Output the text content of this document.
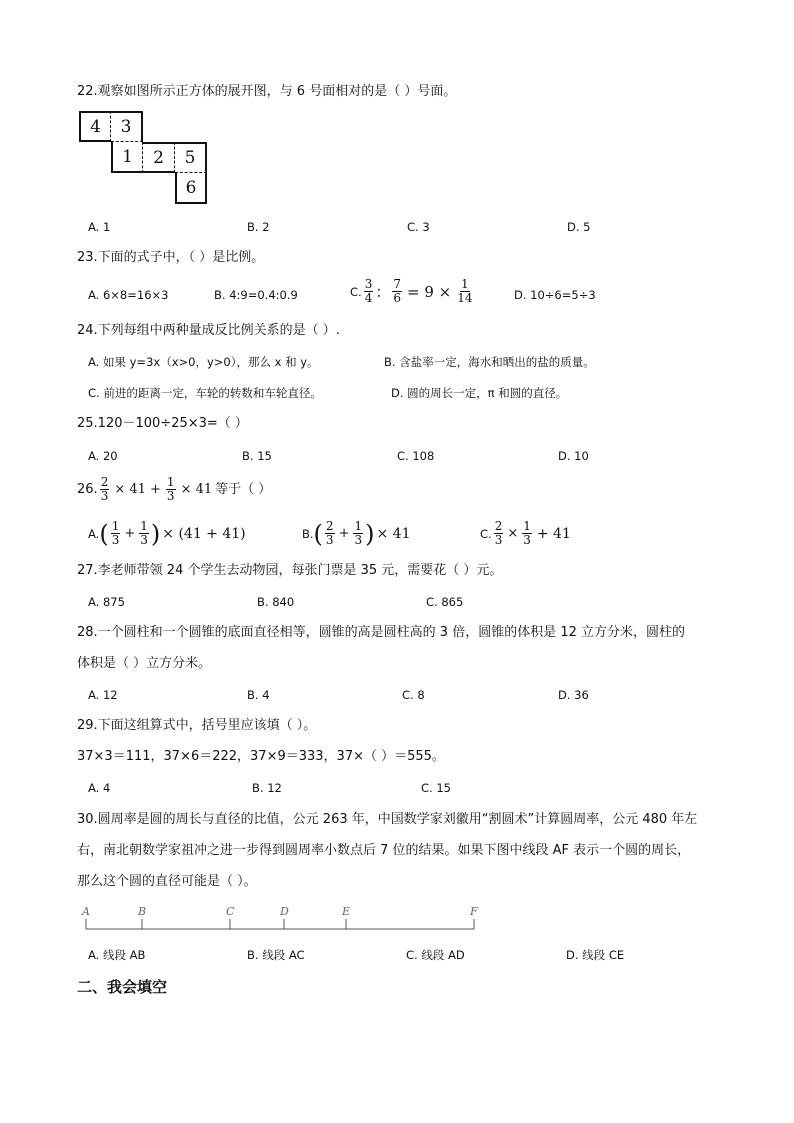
22.观察如图所示正方体的展开图，与 6 号面相对的是（ ）号面。
4	3
1	2	5
6
A. 1	B. 2	C. 3	D. 5
23.下面的式子中，（ ）是比例。
A. 6×8=16×3	B. 4:9=0.4:0.9	C. $\frac{3}{4}$ ： $\frac{7}{6} = 9 \times \frac{1}{14}$	D. 10÷6=5÷3
24.下列每组中两种量成反比例关系的是（ ）.
A. 如果 y=3x（x>0，y>0），那么 x 和 y。	B. 含盐率一定，海水和晒出的盐的质量。
C. 前进的距离一定，车轮的转数和车轮直径。	D. 圆的周长一定，π 和圆的直径。
25.120－100÷25×3=（ ）
A. 20	B. 15	C. 108	D. 10
26. $\frac{2}{3} \times 41 + \frac{1}{3} \times 41$ 等于（ ）
A. ( $\frac{1}{3} + \frac{1}{3}$ ) × (41 + 41)	B. ( $\frac{2}{3} + \frac{1}{3}$ ) × 41	C. $\frac{2}{3} \times \frac{1}{3} + 41$
27.李老师带领 24 个学生去动物园，每张门票是 35 元，需要花（ ）元。
A. 875	B. 840	C. 865
28.一个圆柱和一个圆锥的底面直径相等，圆锥的高是圆柱高的 3 倍，圆锥的体积是 12 立方分米，圆柱的
体积是（ ）立方分米。
A. 12	B. 4	C. 8	D. 36
29.下面这组算式中，括号里应该填（ ）。
37×3＝111，37×6＝222，37×9＝333，37×（ ）＝555。
A. 4	B. 12	C. 15
30.圆周率是圆的周长与直径的比值，公元 263 年，中国数学家刘徽用“割圆术”计算圆周率，公元 480 年左
右，南北朝数学家祖冲之进一步得到圆周率小数点后 7 位的结果。如果下图中线段 AF 表示一个圆的周长，
那么这个圆的直径可能是（ ）。
A	B	C	D	E	F
A. 线段 AB	B. 线段 AC	C. 线段 AD	D. 线段 CE
二、我会填空
